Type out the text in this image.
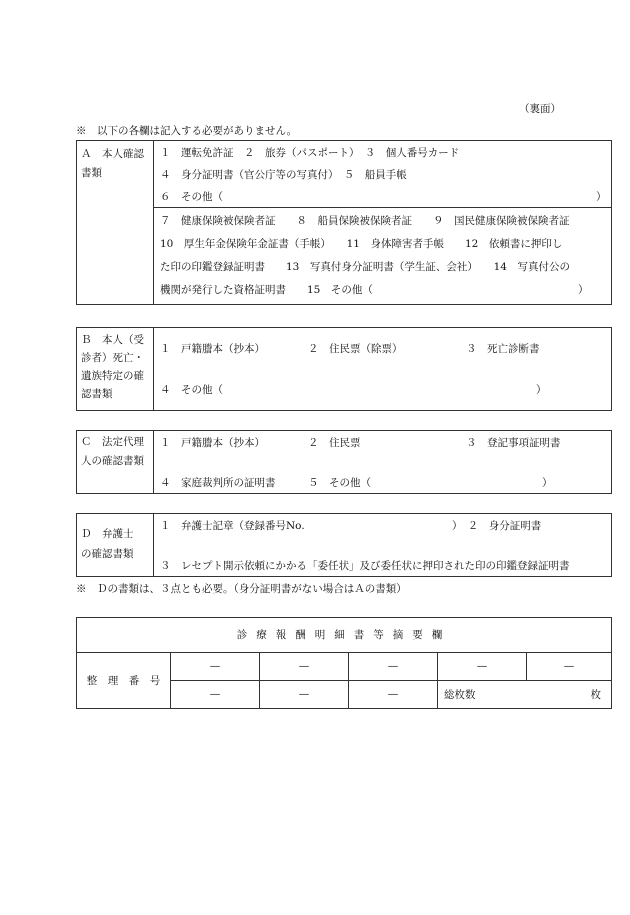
（裏面）
※　以下の各欄は記入する必要がありません。
Ａ　本人確認書類

１　運転免許証　２　旅券（パスポート）　３　個人番号カード
４　身分証明書（官公庁等の写真付）　５　船員手帳
６　その他（	）

７　健康保険被保険者証　　８　船員保険被保険者証　　９　国民健康保険被保険者証
10　厚生年金保険年金証書（手帳）　　11　身体障害者手帳　　12　依頼書に押印し
た印の印鑑登録証明書　　13　写真付身分証明書（学生証、会社）　　14　写真付公の
機関が発行した資格証明書　　15　その他（	）
Ｂ　本人（受診者）死亡・遺族特定の確認書類

１　戸籍謄本（抄本）	２　住民票（除票）	３　死亡診断書
４　その他（	）
Ｃ　法定代理人の確認書類

１　戸籍謄本（抄本）	２　住民票	３　登記事項証明書
４　家庭裁判所の証明書	５　その他（	）
Ｄ　弁護士の確認書類

１　弁護士記章（登録番号No.	）　２　身分証明書
３　レセプト開示依頼にかかる「委任状」及び委任状に押印された印の印鑑登録証明書
※　Ｄの書類は、３点とも必要。（身分証明書がない場合はＡの書類）
診療報酬明細書等摘要欄					

整　理　番　号	—	—	—	—	—

	—	—	—	総枚数 枚	
